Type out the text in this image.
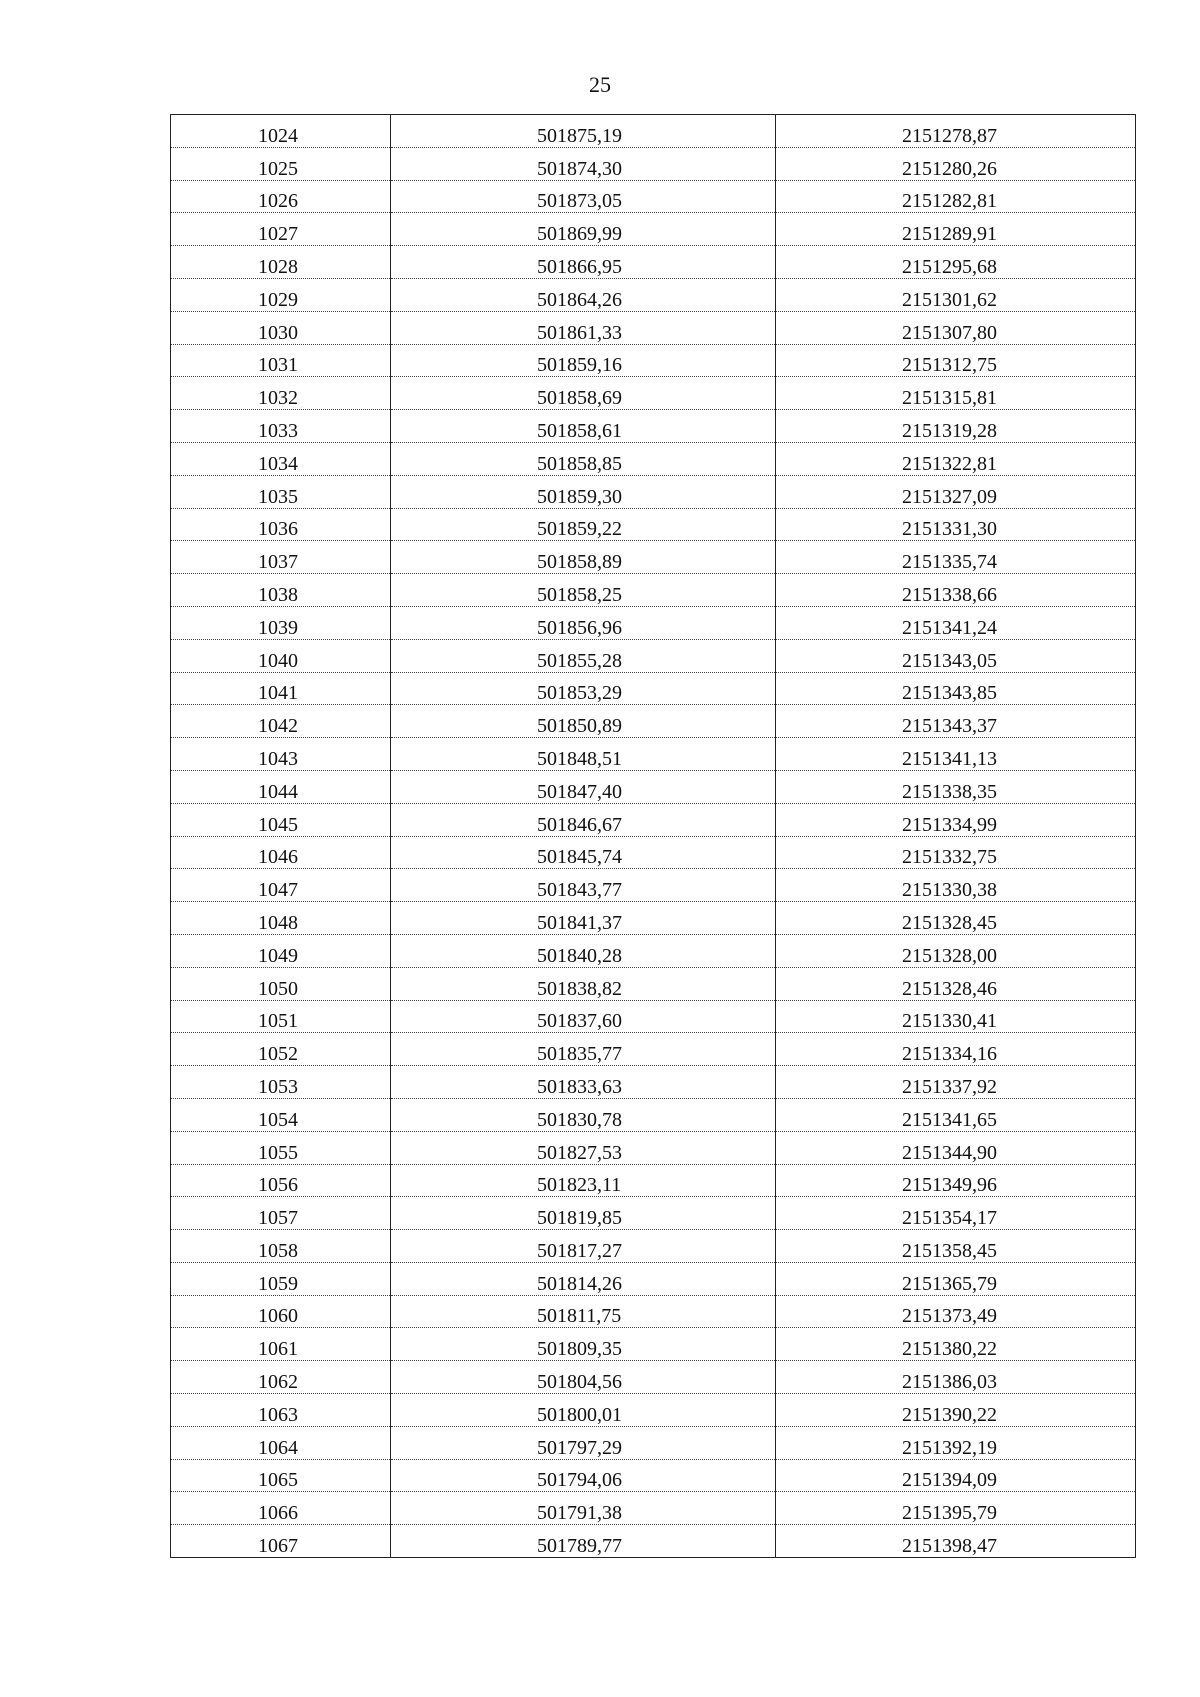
25
1024	501875,19	2151278,87
1025	501874,30	2151280,26
1026	501873,05	2151282,81
1027	501869,99	2151289,91
1028	501866,95	2151295,68
1029	501864,26	2151301,62
1030	501861,33	2151307,80
1031	501859,16	2151312,75
1032	501858,69	2151315,81
1033	501858,61	2151319,28
1034	501858,85	2151322,81
1035	501859,30	2151327,09
1036	501859,22	2151331,30
1037	501858,89	2151335,74
1038	501858,25	2151338,66
1039	501856,96	2151341,24
1040	501855,28	2151343,05
1041	501853,29	2151343,85
1042	501850,89	2151343,37
1043	501848,51	2151341,13
1044	501847,40	2151338,35
1045	501846,67	2151334,99
1046	501845,74	2151332,75
1047	501843,77	2151330,38
1048	501841,37	2151328,45
1049	501840,28	2151328,00
1050	501838,82	2151328,46
1051	501837,60	2151330,41
1052	501835,77	2151334,16
1053	501833,63	2151337,92
1054	501830,78	2151341,65
1055	501827,53	2151344,90
1056	501823,11	2151349,96
1057	501819,85	2151354,17
1058	501817,27	2151358,45
1059	501814,26	2151365,79
1060	501811,75	2151373,49
1061	501809,35	2151380,22
1062	501804,56	2151386,03
1063	501800,01	2151390,22
1064	501797,29	2151392,19
1065	501794,06	2151394,09
1066	501791,38	2151395,79
1067	501789,77	2151398,47
